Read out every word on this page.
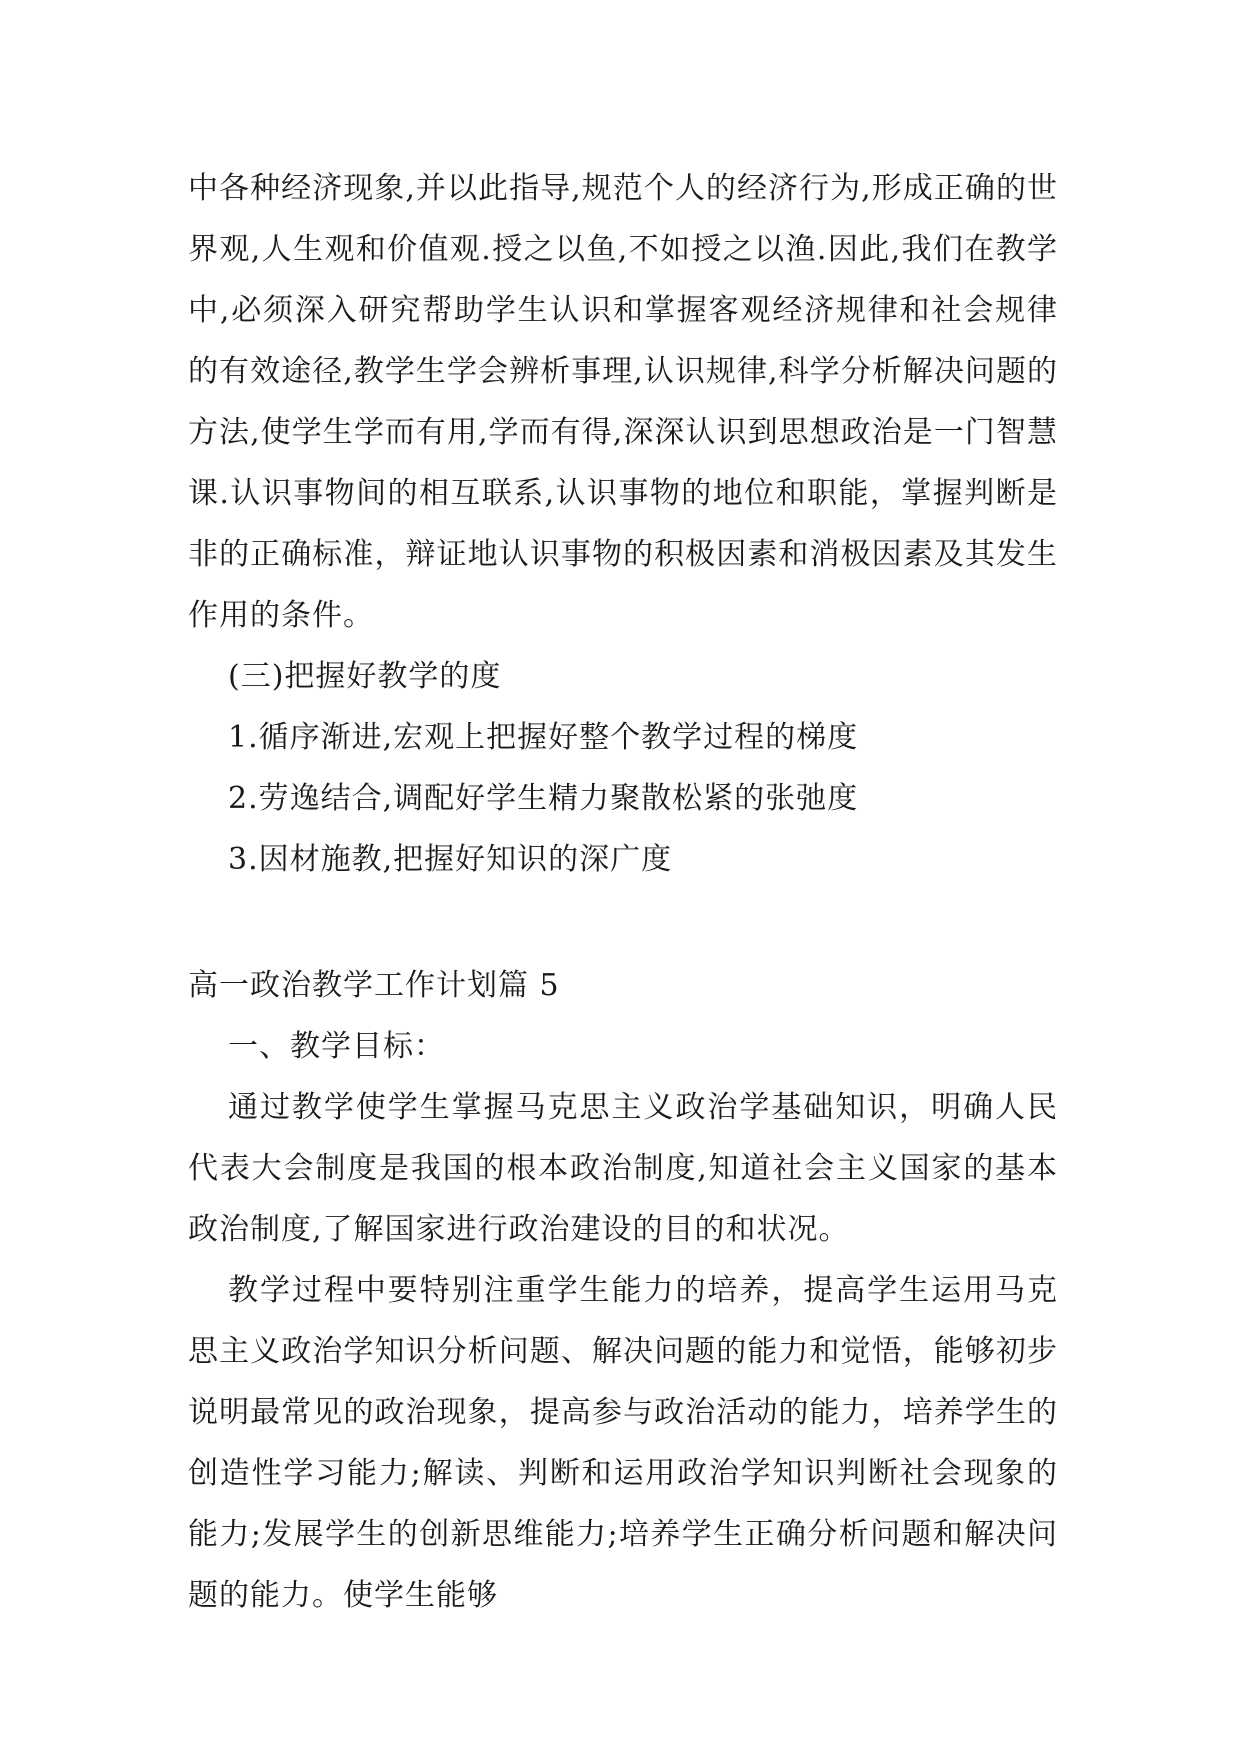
中各种经济现象,并以此指导,规范个人的经济行为,形成正确的世界观,人生观和价值观.授之以鱼,不如授之以渔.因此,我们在教学中,必须深入研究帮助学生认识和掌握客观经济规律和社会规律的有效途径,教学生学会辨析事理,认识规律,科学分析解决问题的方法,使学生学而有用,学而有得,深深认识到思想政治是一门智慧课.认识事物间的相互联系,认识事物的地位和职能，掌握判断是非的正确标准，辩证地认识事物的积极因素和消极因素及其发生作用的条件。

(三)把握好教学的度

1.循序渐进,宏观上把握好整个教学过程的梯度

2.劳逸结合,调配好学生精力聚散松紧的张弛度

3.因材施教,把握好知识的深广度

高一政治教学工作计划篇 5

一、教学目标：

通过教学使学生掌握马克思主义政治学基础知识，明确人民代表大会制度是我国的根本政治制度,知道社会主义国家的基本政治制度,了解国家进行政治建设的目的和状况。

教学过程中要特别注重学生能力的培养，提高学生运用马克思主义政治学知识分析问题、解决问题的能力和觉悟，能够初步说明最常见的政治现象，提高参与政治活动的能力，培养学生的创造性学习能力;解读、判断和运用政治学知识判断社会现象的能力;发展学生的创新思维能力;培养学生正确分析问题和解决问题的能力。使学生能够
